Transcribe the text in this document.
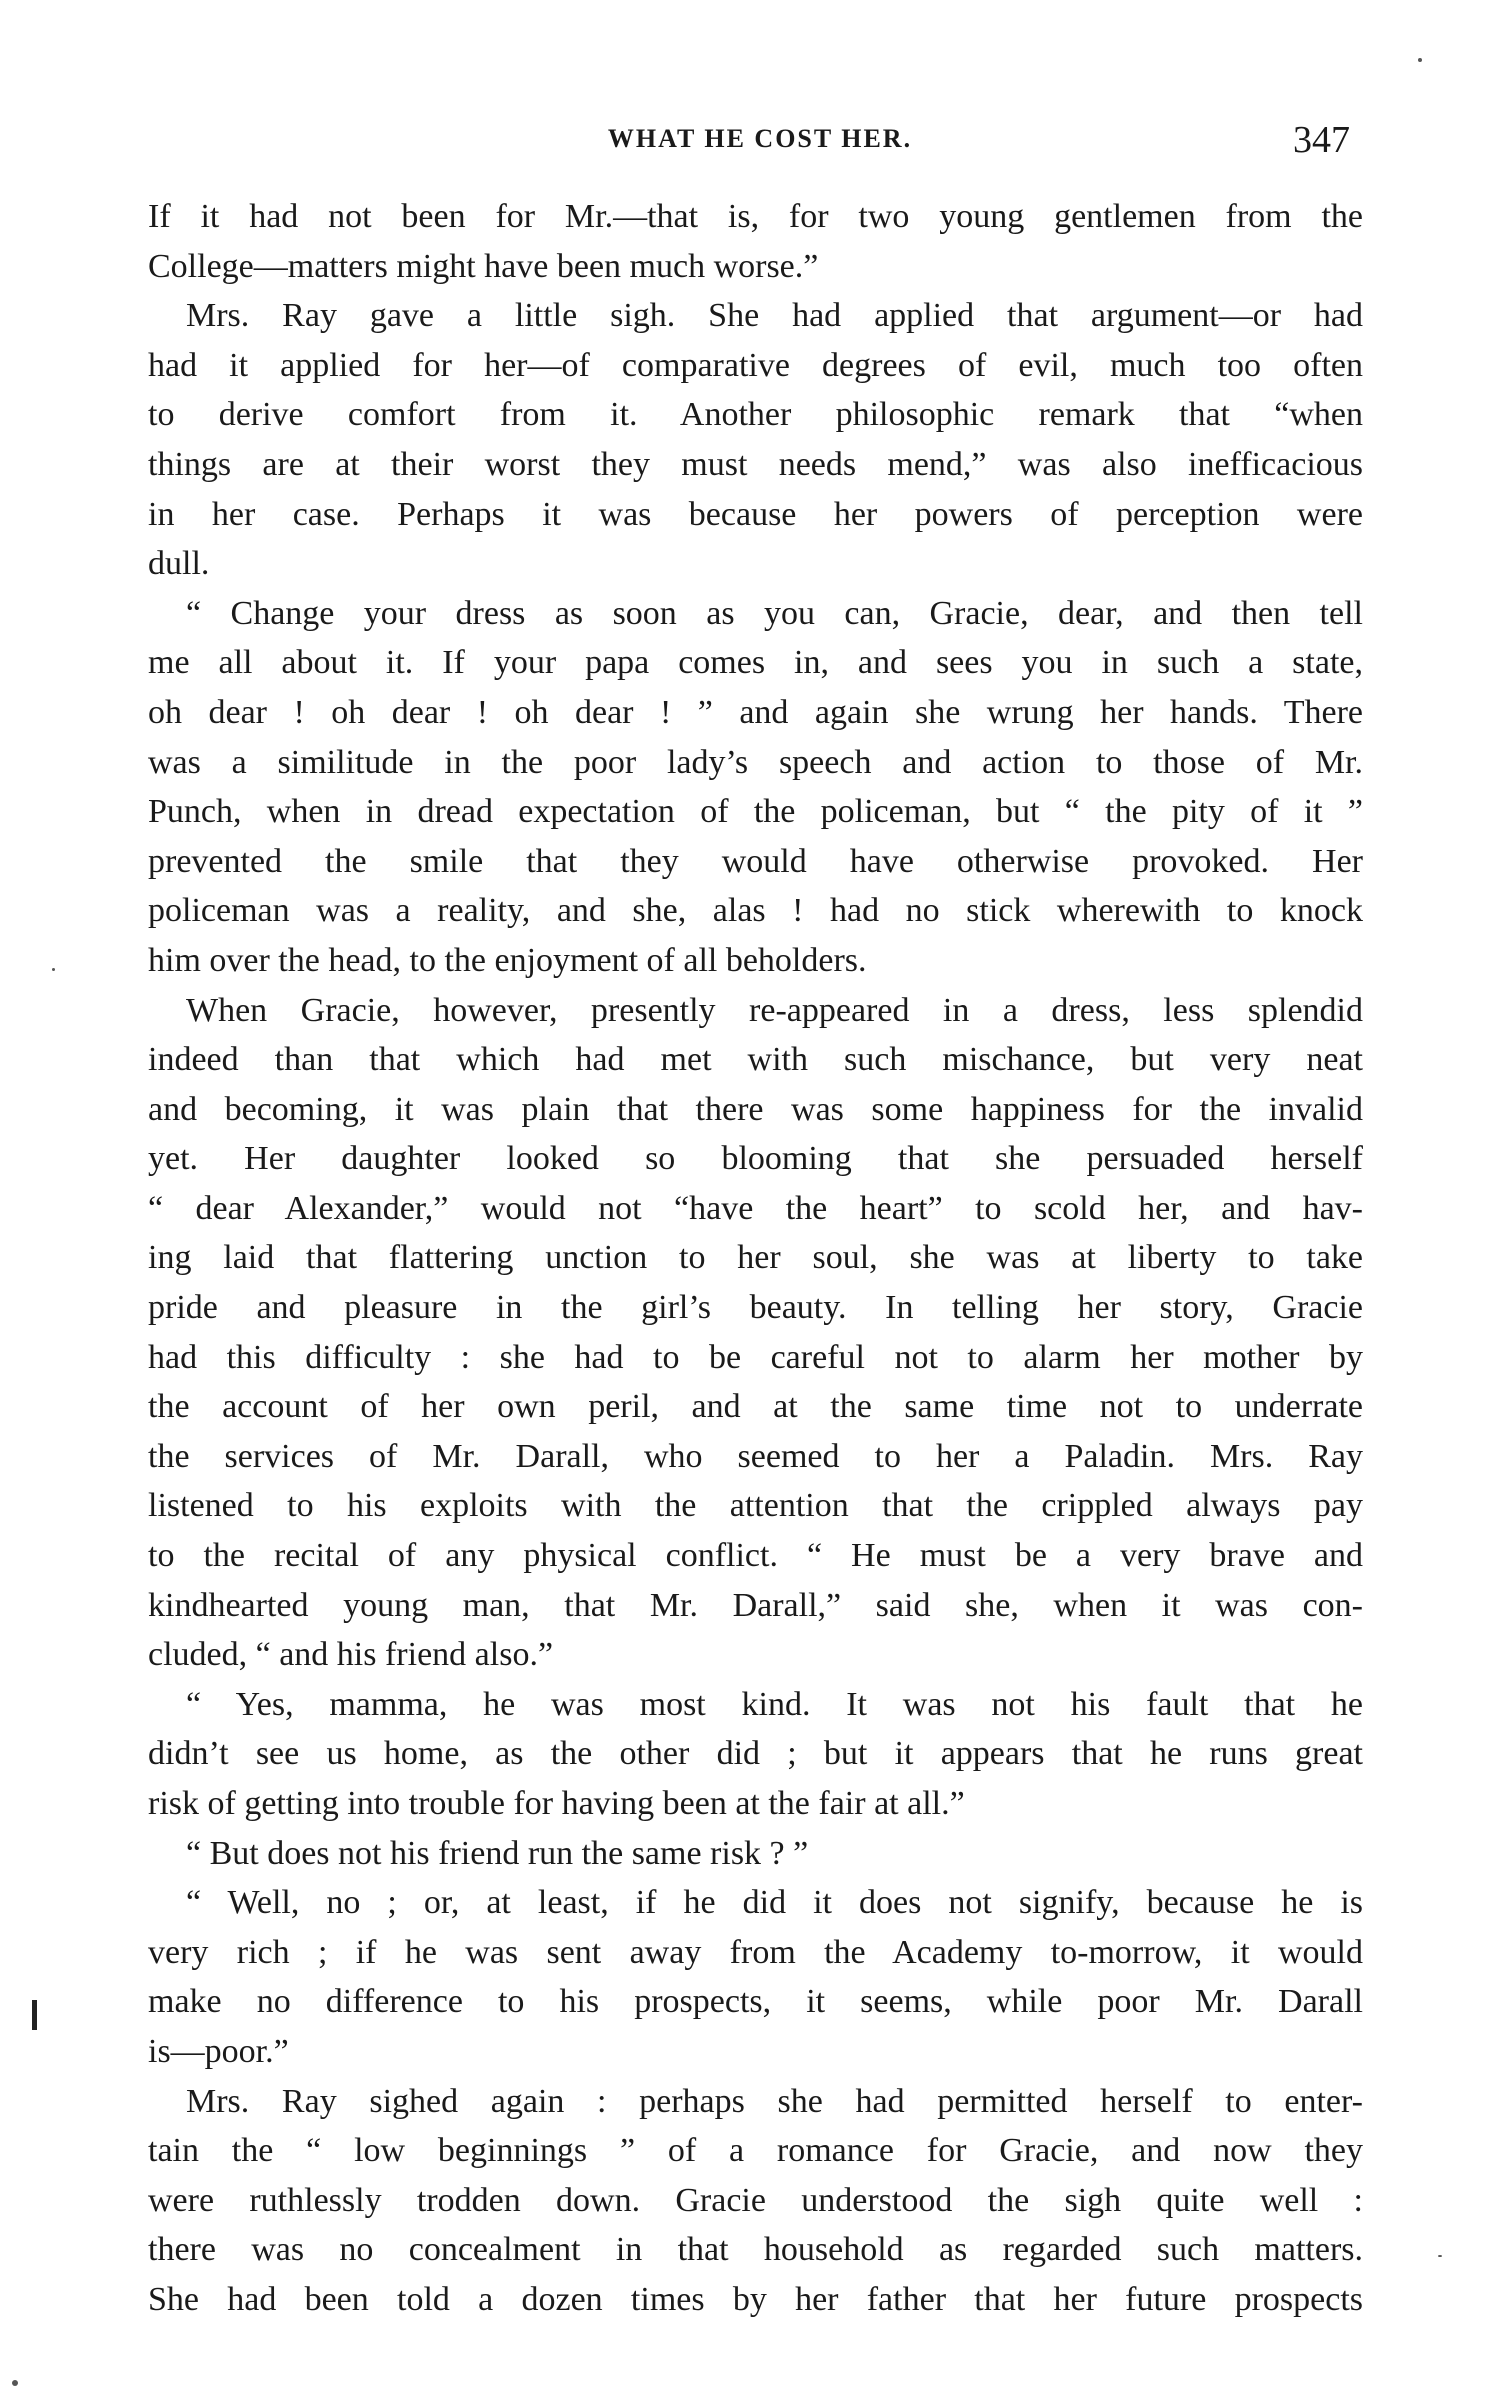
WHAT HE COST HER.	347
If it had not been for Mr.—that is, for two young gentlemen from the
College—matters might have been much worse.”
Mrs. Ray gave a little sigh. She had applied that argument—or had
had it applied for her—of comparative degrees of evil, much too often
to derive comfort from it. Another philosophic remark that “when
things are at their worst they must needs mend,” was also inefficacious
in her case. Perhaps it was because her powers of perception were
dull.
“ Change your dress as soon as you can, Gracie, dear, and then tell
me all about it. If your papa comes in, and sees you in such a state,
oh dear ! oh dear ! oh dear ! ” and again she wrung her hands. There
was a similitude in the poor lady’s speech and action to those of Mr.
Punch, when in dread expectation of the policeman, but “ the pity of it ”
prevented the smile that they would have otherwise provoked. Her
policeman was a reality, and she, alas ! had no stick wherewith to knock
him over the head, to the enjoyment of all beholders.
When Gracie, however, presently re-appeared in a dress, less splendid
indeed than that which had met with such mischance, but very neat
and becoming, it was plain that there was some happiness for the invalid
yet. Her daughter looked so blooming that she persuaded herself
“ dear Alexander,” would not “have the heart” to scold her, and hav-
ing laid that flattering unction to her soul, she was at liberty to take
pride and pleasure in the girl’s beauty. In telling her story, Gracie
had this difficulty : she had to be careful not to alarm her mother by
the account of her own peril, and at the same time not to underrate
the services of Mr. Darall, who seemed to her a Paladin. Mrs. Ray
listened to his exploits with the attention that the crippled always pay
to the recital of any physical conflict. “ He must be a very brave and
kindhearted young man, that Mr. Darall,” said she, when it was con-
cluded, “ and his friend also.”
“ Yes, mamma, he was most kind. It was not his fault that he
didn’t see us home, as the other did ; but it appears that he runs great
risk of getting into trouble for having been at the fair at all.”
“ But does not his friend run the same risk ? ”
“ Well, no ; or, at least, if he did it does not signify, because he is
very rich ; if he was sent away from the Academy to-morrow, it would
make no difference to his prospects, it seems, while poor Mr. Darall
is—poor.”
Mrs. Ray sighed again : perhaps she had permitted herself to enter-
tain the “ low beginnings ” of a romance for Gracie, and now they
were ruthlessly trodden down. Gracie understood the sigh quite well :
there was no concealment in that household as regarded such matters.
She had been told a dozen times by her father that her future prospects
